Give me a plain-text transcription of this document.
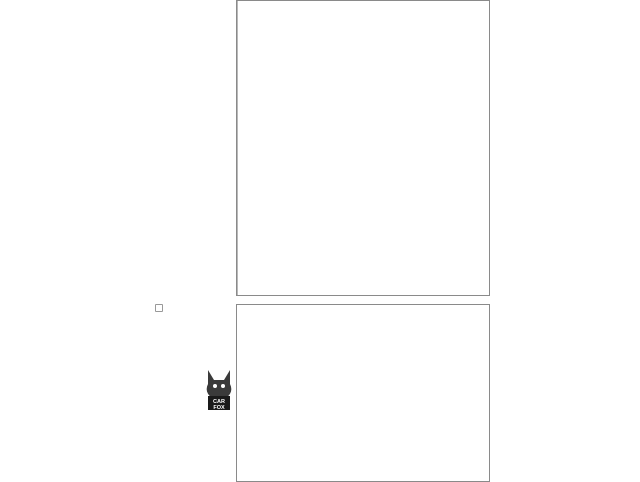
CAR
FOX
